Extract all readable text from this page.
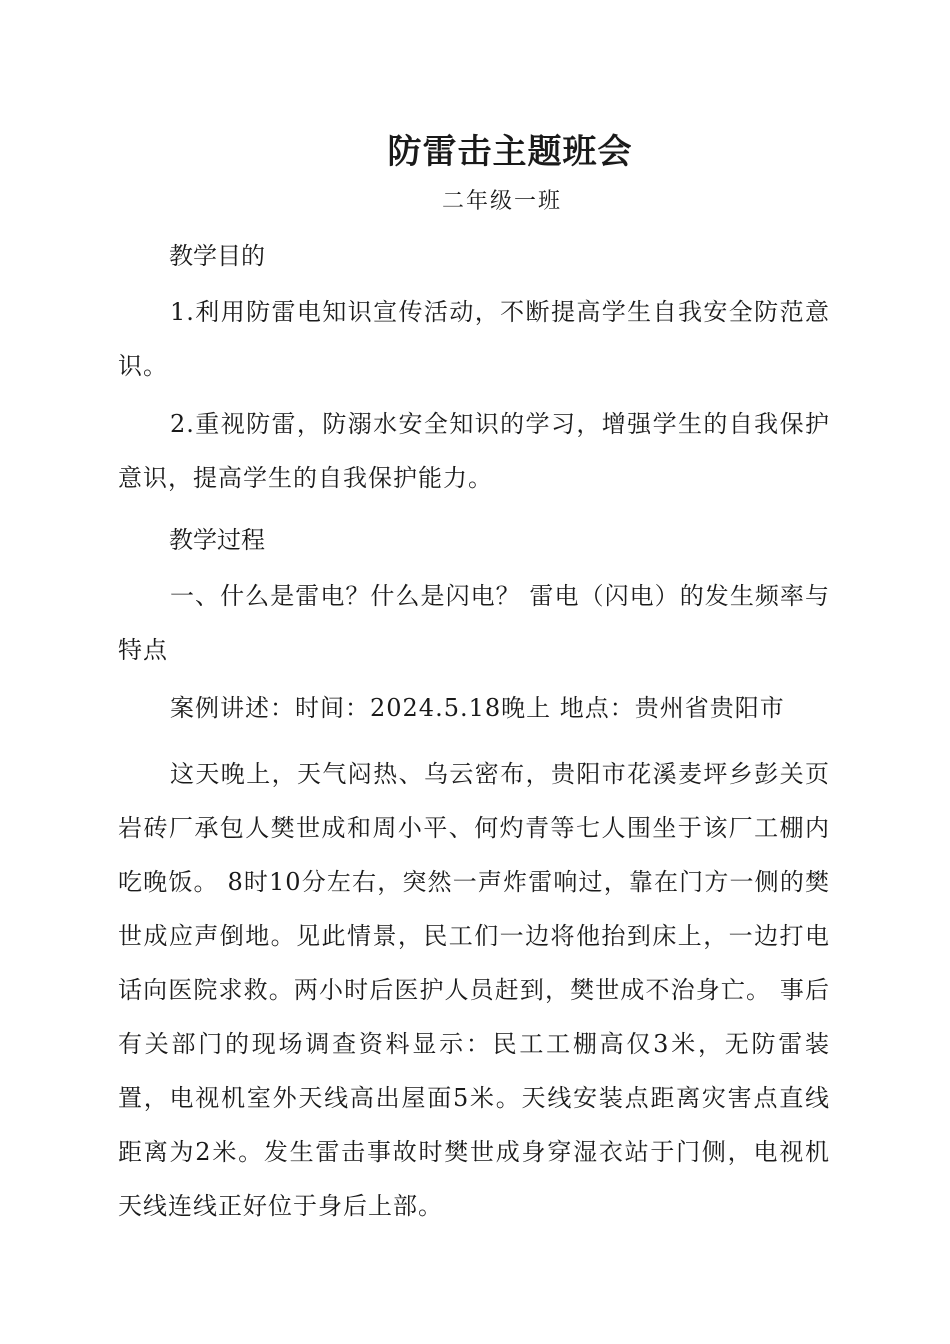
防雷击主题班会
二年级一班
教学目的

1.利用防雷电知识宣传活动，不断提高学生自我安全防范意识。

2.重视防雷，防溺水安全知识的学习，增强学生的自我保护意识，提高学生的自我保护能力。

教学过程

一、什么是雷电？什么是闪电？ 雷电（闪电）的发生频率与特点

案例讲述：时间：2024.5.18晚上 地点：贵州省贵阳市

这天晚上，天气闷热、乌云密布，贵阳市花溪麦坪乡彭关页岩砖厂承包人樊世成和周小平、何灼青等七人围坐于该厂工棚内吃晚饭。 8时10分左右，突然一声炸雷响过，靠在门方一侧的樊世成应声倒地。见此情景，民工们一边将他抬到床上，一边打电话向医院求救。两小时后医护人员赶到，樊世成不治身亡。 事后有关部门的现场调查资料显示：民工工棚高仅3米，无防雷装置，电视机室外天线高出屋面5米。天线安装点距离灾害点直线距离为2米。发生雷击事故时樊世成身穿湿衣站于门侧，电视机天线连线正好位于身后上部。
